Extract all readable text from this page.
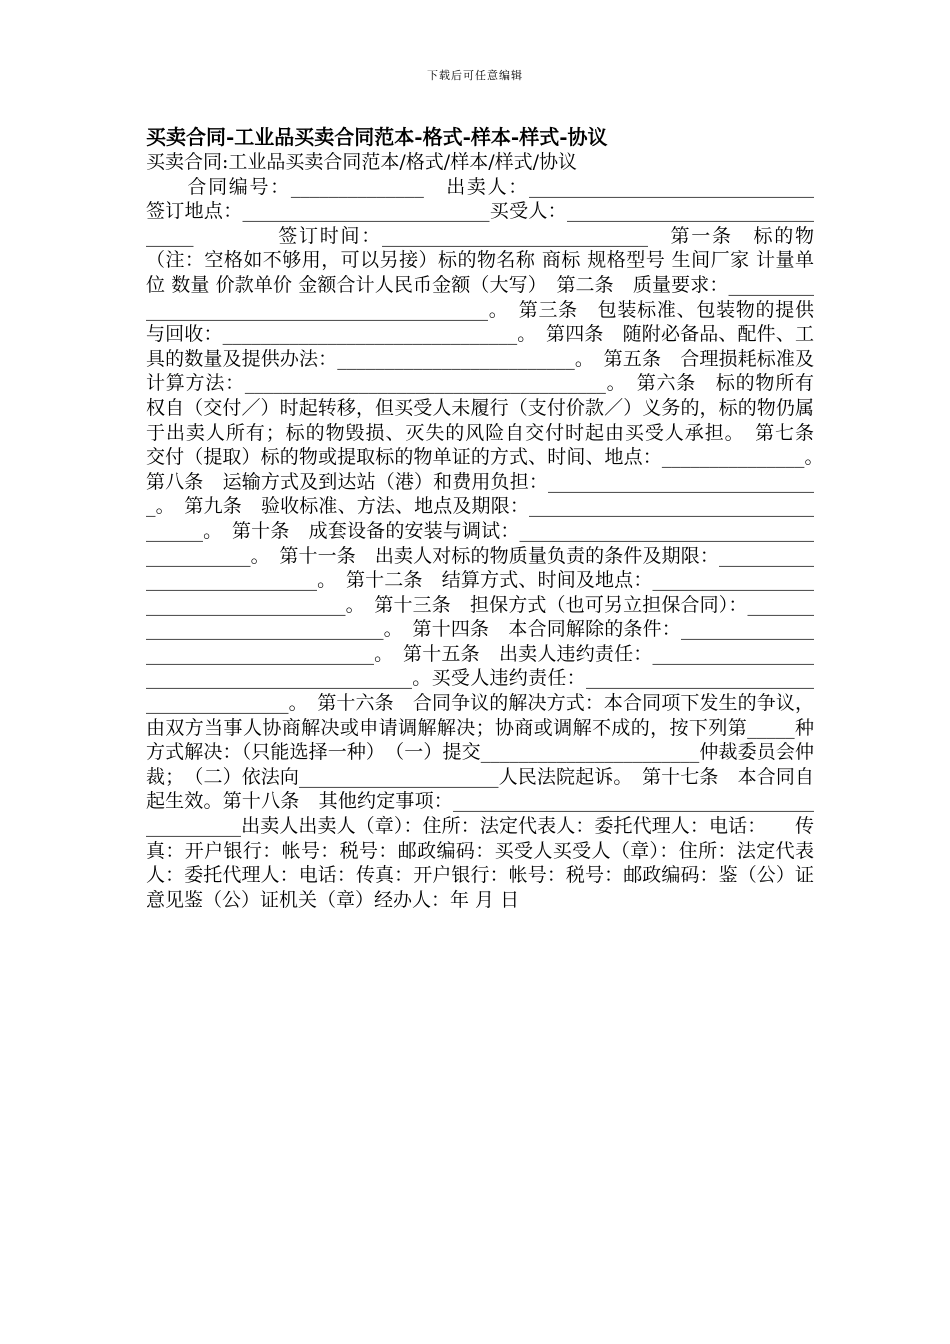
下载后可任意编辑
买卖合同-工业品买卖合同范本-格式-样本-样式-协议
买卖合同:工业品买卖合同范本/格式/样本/样式/协议
　　合同编号：______________　出卖人：______________________________　　签订地点：__________________________买受人：_______________________________　　　　签订时间：____________________________　第一条　标的物（注：空格如不够用，可以另接）标的物名称 商标 规格型号 生间厂家 计量单位 数量 价款单价 金额合计人民币金额（大写）　第二条　质量要求：_____________________________________________。　第三条　包装标准、包装物的提供与回收：_______________________________。　第四条　随附必备品、配件、工具的数量及提供办法：_________________________。　第五条　合理损耗标准及计算方法：______________________________________。　第六条　标的物所有权自（交付／）时起转移，但买受人未履行（支付价款／）义务的，标的物仍属于出卖人所有；标的物毁损、灭失的风险自交付时起由买受人承担。　第七条　交付（提取）标的物或提取标的物单证的方式、时间、地点：_______________。　第八条　运输方式及到达站（港）和费用负担：_____________________________。　第九条　验收标准、方法、地点及期限：____________________________________。　第十条　成套设备的安装与调试：__________________________________________。　第十一条　出卖人对标的物质量负责的条件及期限：____________________________。　第十二条　结算方式、时间及地点：______________________________________。　第十三条　担保方式（也可另立担保合同）：________________________________。　第十四条　本合同解除的条件：______________________________________。　第十五条　出卖人违约责任：_____________________________________________。买受人违约责任：_______________________________________。　第十六条　合同争议的解决方式：本合同项下发生的争议，由双方当事人协商解决或申请调解解决；协商或调解不成的，按下列第_____种方式解决：（只能选择一种）　（一）提交_______________________仲裁委员会仲裁；　（二）依法向_____________________人民法院起诉。　第十七条　本合同自起生效。第十八条　其他约定事项：________________________________________________出卖人出卖人（章）：住所：法定代表人：委托代理人：电话：　　传真：开户银行：帐号：税号：邮政编码：买受人买受人（章）：住所：法定代表人：委托代理人：电话：传真：开户银行：帐号：税号：邮政编码：鉴（公）证意见鉴（公）证机关（章）经办人：年 月 日
